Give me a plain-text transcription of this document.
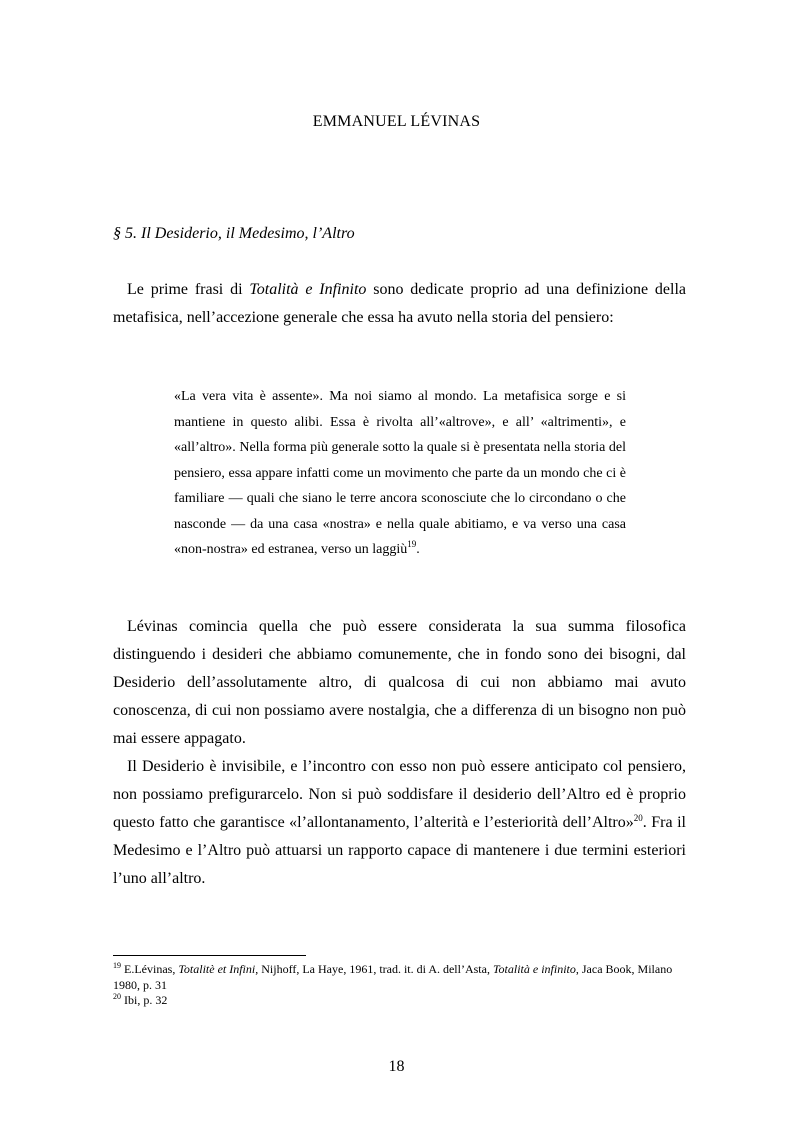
EMMANUEL LÉVINAS
§ 5. Il Desiderio, il Medesimo, l’Altro

Le prime frasi di Totalità e Infinito sono dedicate proprio ad una definizione della metafisica, nell’accezione generale che essa ha avuto nella storia del pensiero:

«La vera vita è assente». Ma noi siamo al mondo. La metafisica sorge e si mantiene in questo alibi. Essa è rivolta all’«altrove», e all’ «altrimenti», e «all’altro». Nella forma più generale sotto la quale si è presentata nella storia del pensiero, essa appare infatti come un movimento che parte da un mondo che ci è familiare — quali che siano le terre ancora sconosciute che lo circondano o che nasconde — da una casa «nostra» e nella quale abitiamo, e va verso una casa «non-nostra» ed estranea, verso un laggiù$^{19}$.

Lévinas comincia quella che può essere considerata la sua summa filosofica distinguendo i desideri che abbiamo comunemente, che in fondo sono dei bisogni, dal Desiderio dell’assolutamente altro, di qualcosa di cui non abbiamo mai avuto conoscenza, di cui non possiamo avere nostalgia, che a differenza di un bisogno non può mai essere appagato.

Il Desiderio è invisibile, e l’incontro con esso non può essere anticipato col pensiero, non possiamo prefigurarcelo. Non si può soddisfare il desiderio dell’Altro ed è proprio questo fatto che garantisce «l’allontanamento, l’alterità e l’esteriorità dell’Altro»$^{20}$. Fra il Medesimo e l’Altro può attuarsi un rapporto capace di mantenere i due termini esteriori l’uno all’altro.

$^{19}$ E.Lévinas, Totalitè et Infini, Nijhoff, La Haye, 1961, trad. it. di A. dell’Asta, Totalità e infinito, Jaca Book, Milano 1980, p. 31

$^{20}$ Ibi, p. 32

18
